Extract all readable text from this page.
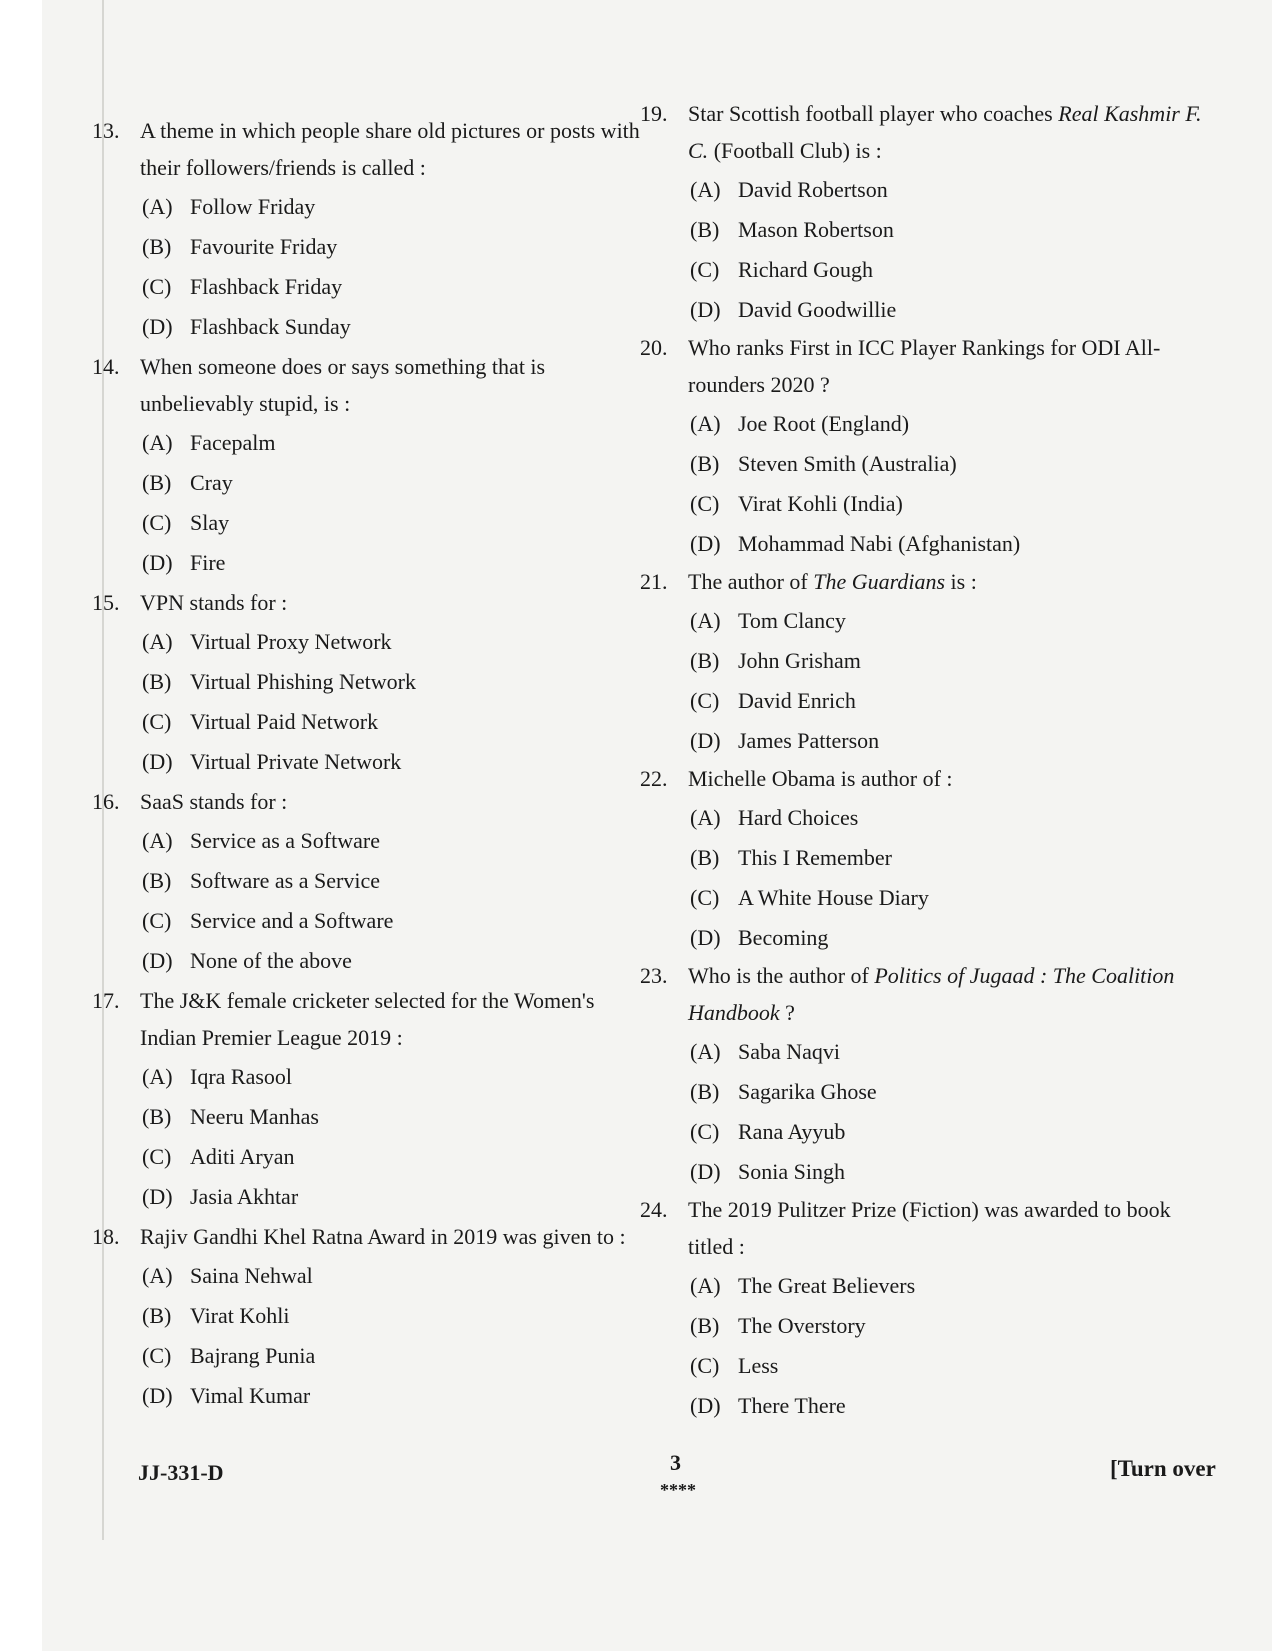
13. A theme in which people share old pictures or posts with their followers/friends is called :
(A) Follow Friday
(B) Favourite Friday
(C) Flashback Friday
(D) Flashback Sunday
14. When someone does or says something that is unbelievably stupid, is :
(A) Facepalm
(B) Cray
(C) Slay
(D) Fire
15. VPN stands for :
(A) Virtual Proxy Network
(B) Virtual Phishing Network
(C) Virtual Paid Network
(D) Virtual Private Network
16. SaaS stands for :
(A) Service as a Software
(B) Software as a Service
(C) Service and a Software
(D) None of the above
17. The J&K female cricketer selected for the Women's Indian Premier League 2019 :
(A) Iqra Rasool
(B) Neeru Manhas
(C) Aditi Aryan
(D) Jasia Akhtar
18. Rajiv Gandhi Khel Ratna Award in 2019 was given to :
(A) Saina Nehwal
(B) Virat Kohli
(C) Bajrang Punia
(D) Vimal Kumar
19. Star Scottish football player who coaches Real Kashmir F. C. (Football Club) is :
(A) David Robertson
(B) Mason Robertson
(C) Richard Gough
(D) David Goodwillie
20. Who ranks First in ICC Player Rankings for ODI All-rounders 2020 ?
(A) Joe Root (England)
(B) Steven Smith (Australia)
(C) Virat Kohli (India)
(D) Mohammad Nabi (Afghanistan)
21. The author of The Guardians is :
(A) Tom Clancy
(B) John Grisham
(C) David Enrich
(D) James Patterson
22. Michelle Obama is author of :
(A) Hard Choices
(B) This I Remember
(C) A White House Diary
(D) Becoming
23. Who is the author of Politics of Jugaad : The Coalition Handbook ?
(A) Saba Naqvi
(B) Sagarika Ghose
(C) Rana Ayyub
(D) Sonia Singh
24. The 2019 Pulitzer Prize (Fiction) was awarded to book titled :
(A) The Great Believers
(B) The Overstory
(C) Less
(D) There There
JJ-331-D	3
****
[Turn over
